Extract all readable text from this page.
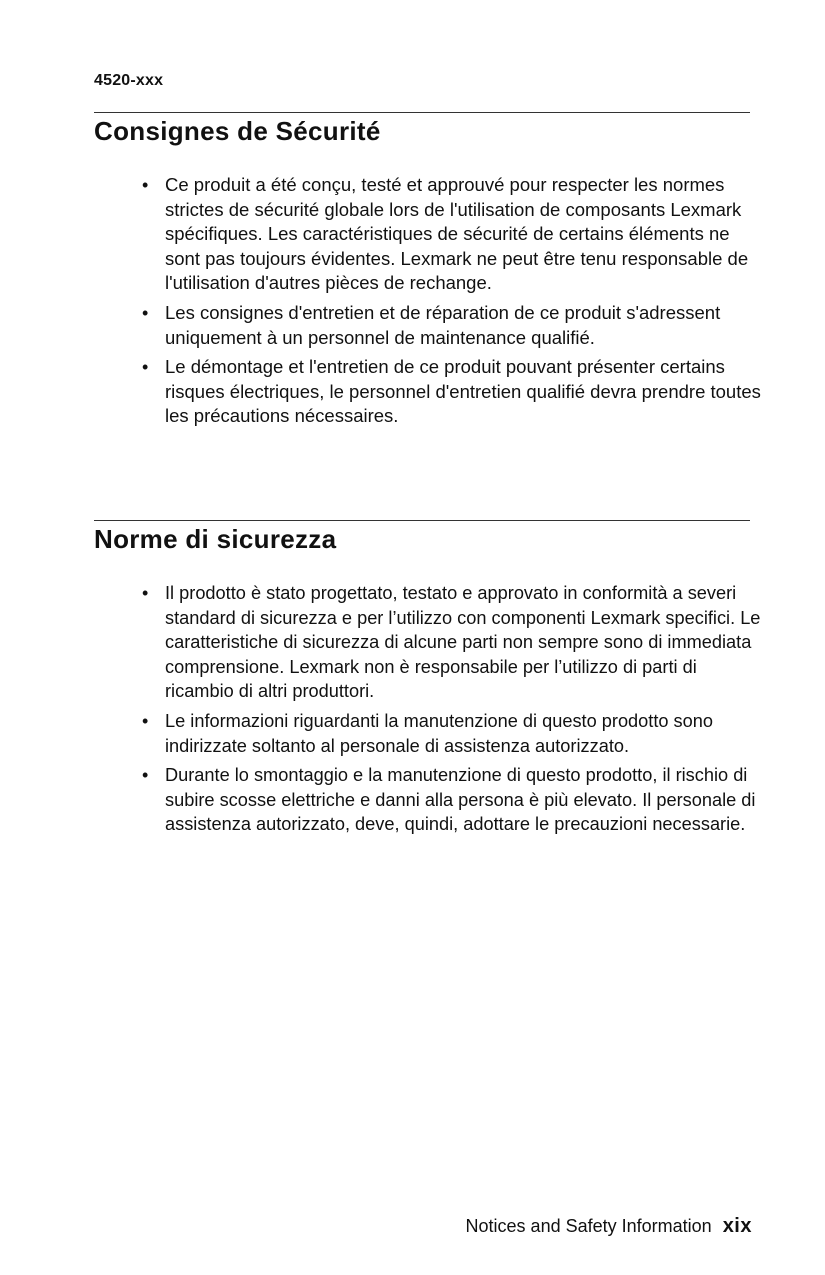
4520-xxx
Consignes de Sécurité
• Ce produit a été conçu, testé et approuvé pour respecter les normes strictes de sécurité globale lors de l'utilisation de composants Lexmark spécifiques. Les caractéristiques de sécurité de certains éléments ne sont pas toujours évidentes. Lexmark ne peut être tenu responsable de l'utilisation d'autres pièces de rechange.
• Les consignes d'entretien et de réparation de ce produit s'adressent uniquement à un personnel de maintenance qualifié.
• Le démontage et l'entretien de ce produit pouvant présenter certains risques électriques, le personnel d'entretien qualifié devra prendre toutes les précautions nécessaires.
Norme di sicurezza
• Il prodotto è stato progettato, testato e approvato in conformità a severi standard di sicurezza e per l’utilizzo con componenti Lexmark specifici. Le caratteristiche di sicurezza di alcune parti non sempre sono di immediata comprensione. Lexmark non è responsabile per l’utilizzo di parti di ricambio di altri produttori.
• Le informazioni riguardanti la manutenzione di questo prodotto sono indirizzate soltanto al personale di assistenza autorizzato.
• Durante lo smontaggio e la manutenzione di questo prodotto, il rischio di subire scosse elettriche e danni alla persona è più elevato. Il personale di assistenza autorizzato, deve, quindi, adottare le precauzioni necessarie.
Notices and Safety Information xix
